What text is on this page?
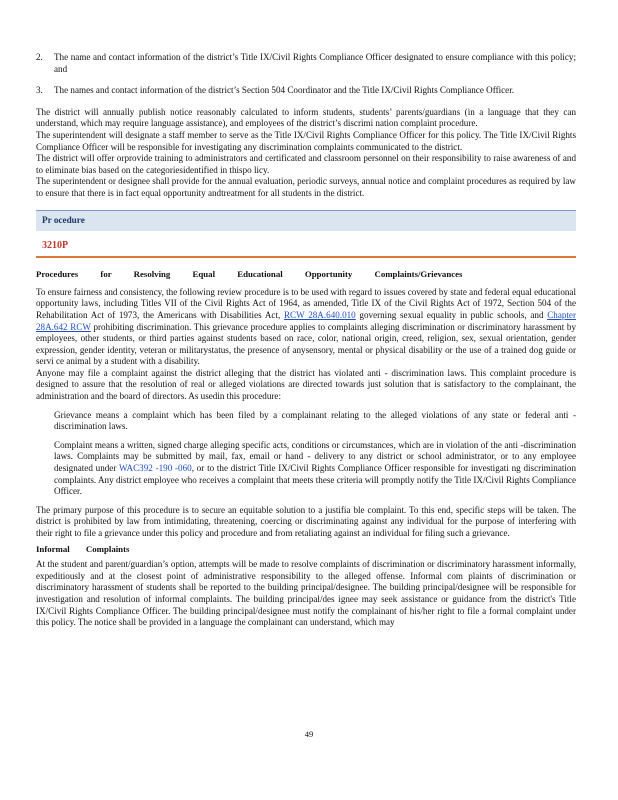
2.	The name and contact information of the district’s Title IX/Civil Rights Compliance Officer designated to ensure compliance with this policy; and
3.	The names and contact information of the district’s Section 504 Coordinator and the Title IX/Civil Rights Compliance Officer.

The district will annually publish notice reasonably calculated to inform students, students’ parents/guardians (in a language that they can understand, which may require language assistance), and employees of the district’s discrimi nation complaint procedure.

The superintendent will designate a staff member to serve as the Title IX/Civil Rights Compliance Officer for this policy. The Title IX/Civil Rights Compliance Officer will be responsible for investigating any discrimination complaints communicated to the district.

The district will offer orprovide training to administrators and certificated and classroom personnel on their responsibility to raise awareness of and to eliminate bias based on the categoriesidentified in thispo licy.

The superintendent or designee shall provide for the annual evaluation, periodic surveys, annual notice and complaint procedures as required by law to ensure that there is in fact equal opportunity andtreatment for all students in the district.

Pr ocedure
3210P
Procedures for Resolving Equal Educational Opportunity Complaints/Grievances

To ensure fairness and consistency, the following review procedure is to be used with regard to issues covered by state and federal equal educational opportunity laws, including Titles VII of the Civil Rights Act of 1964, as amended, Title IX of the Civil Rights Act of 1972, Section 504 of the Rehabilitation Act of 1973, the Americans with Disabilities Act, RCW 28A.640.010 governing sexual equality in public schools, and Chapter 28A.642 RCW prohibiting discrimination. This grievance procedure applies to complaints alleging discrimination or discriminatory harassment by employees, other students, or third parties against students based on race, color, national origin, creed, religion, sex, sexual orientation, gender expression, gender identity, veteran or militarystatus, the presence of anysensory, mental or physical disability or the use of a trained dog guide or servi ce animal by a student with a disability.

Anyone may file a complaint against the district alleging that the district has violated anti - discrimination laws. This complaint procedure is designed to assure that the resolution of real or alleged violations are directed towards just solution that is satisfactory to the complainant, the administration and the board of directors. As usedin this procedure:

Grievance means a complaint which has been filed by a complainant relating to the alleged violations of any state or federal anti -discrimination laws.
Complaint means a written, signed charge alleging specific acts, conditions or circumstances, which are in violation of the anti -discrimination laws. Complaints may be submitted by mail, fax, email or hand - delivery to any district or school administrator, or to any employee designated under WAC392 -190 -060, or to the district Title IX/Civil Rights Compliance Officer responsible for investigati ng discrimination complaints. Any district employee who receives a complaint that meets these criteria will promptly notify the Title IX/Civil Rights Compliance Officer.

The primary purpose of this procedure is to secure an equitable solution to a justifia ble complaint. To this end, specific steps will be taken. The district is prohibited by law from intimidating, threatening, coercing or discriminating against any individual for the purpose of interfering with their right to file a grievance under this policy and procedure and from retaliating against an individual for filing such a grievance.

Informal Complaints

At the student and parent/guardian’s option, attempts will be made to resolve complaints of discrimination or discriminatory harassment informally, expeditiously and at the closest point of administrative responsibility to the alleged offense. Informal com plaints of discrimination or discriminatory harassment of students shall be reported to the building principal/designee. The building principal/designee will be responsible for investigation and resolution of informal complaints. The building principal/des ignee may seek assistance or guidance from the district's Title IX/Civil Rights Compliance Officer. The building principal/designee must notify the complainant of his/her right to file a formal complaint under this policy. The notice shall be provided in a language the complainant can understand, which may

49
